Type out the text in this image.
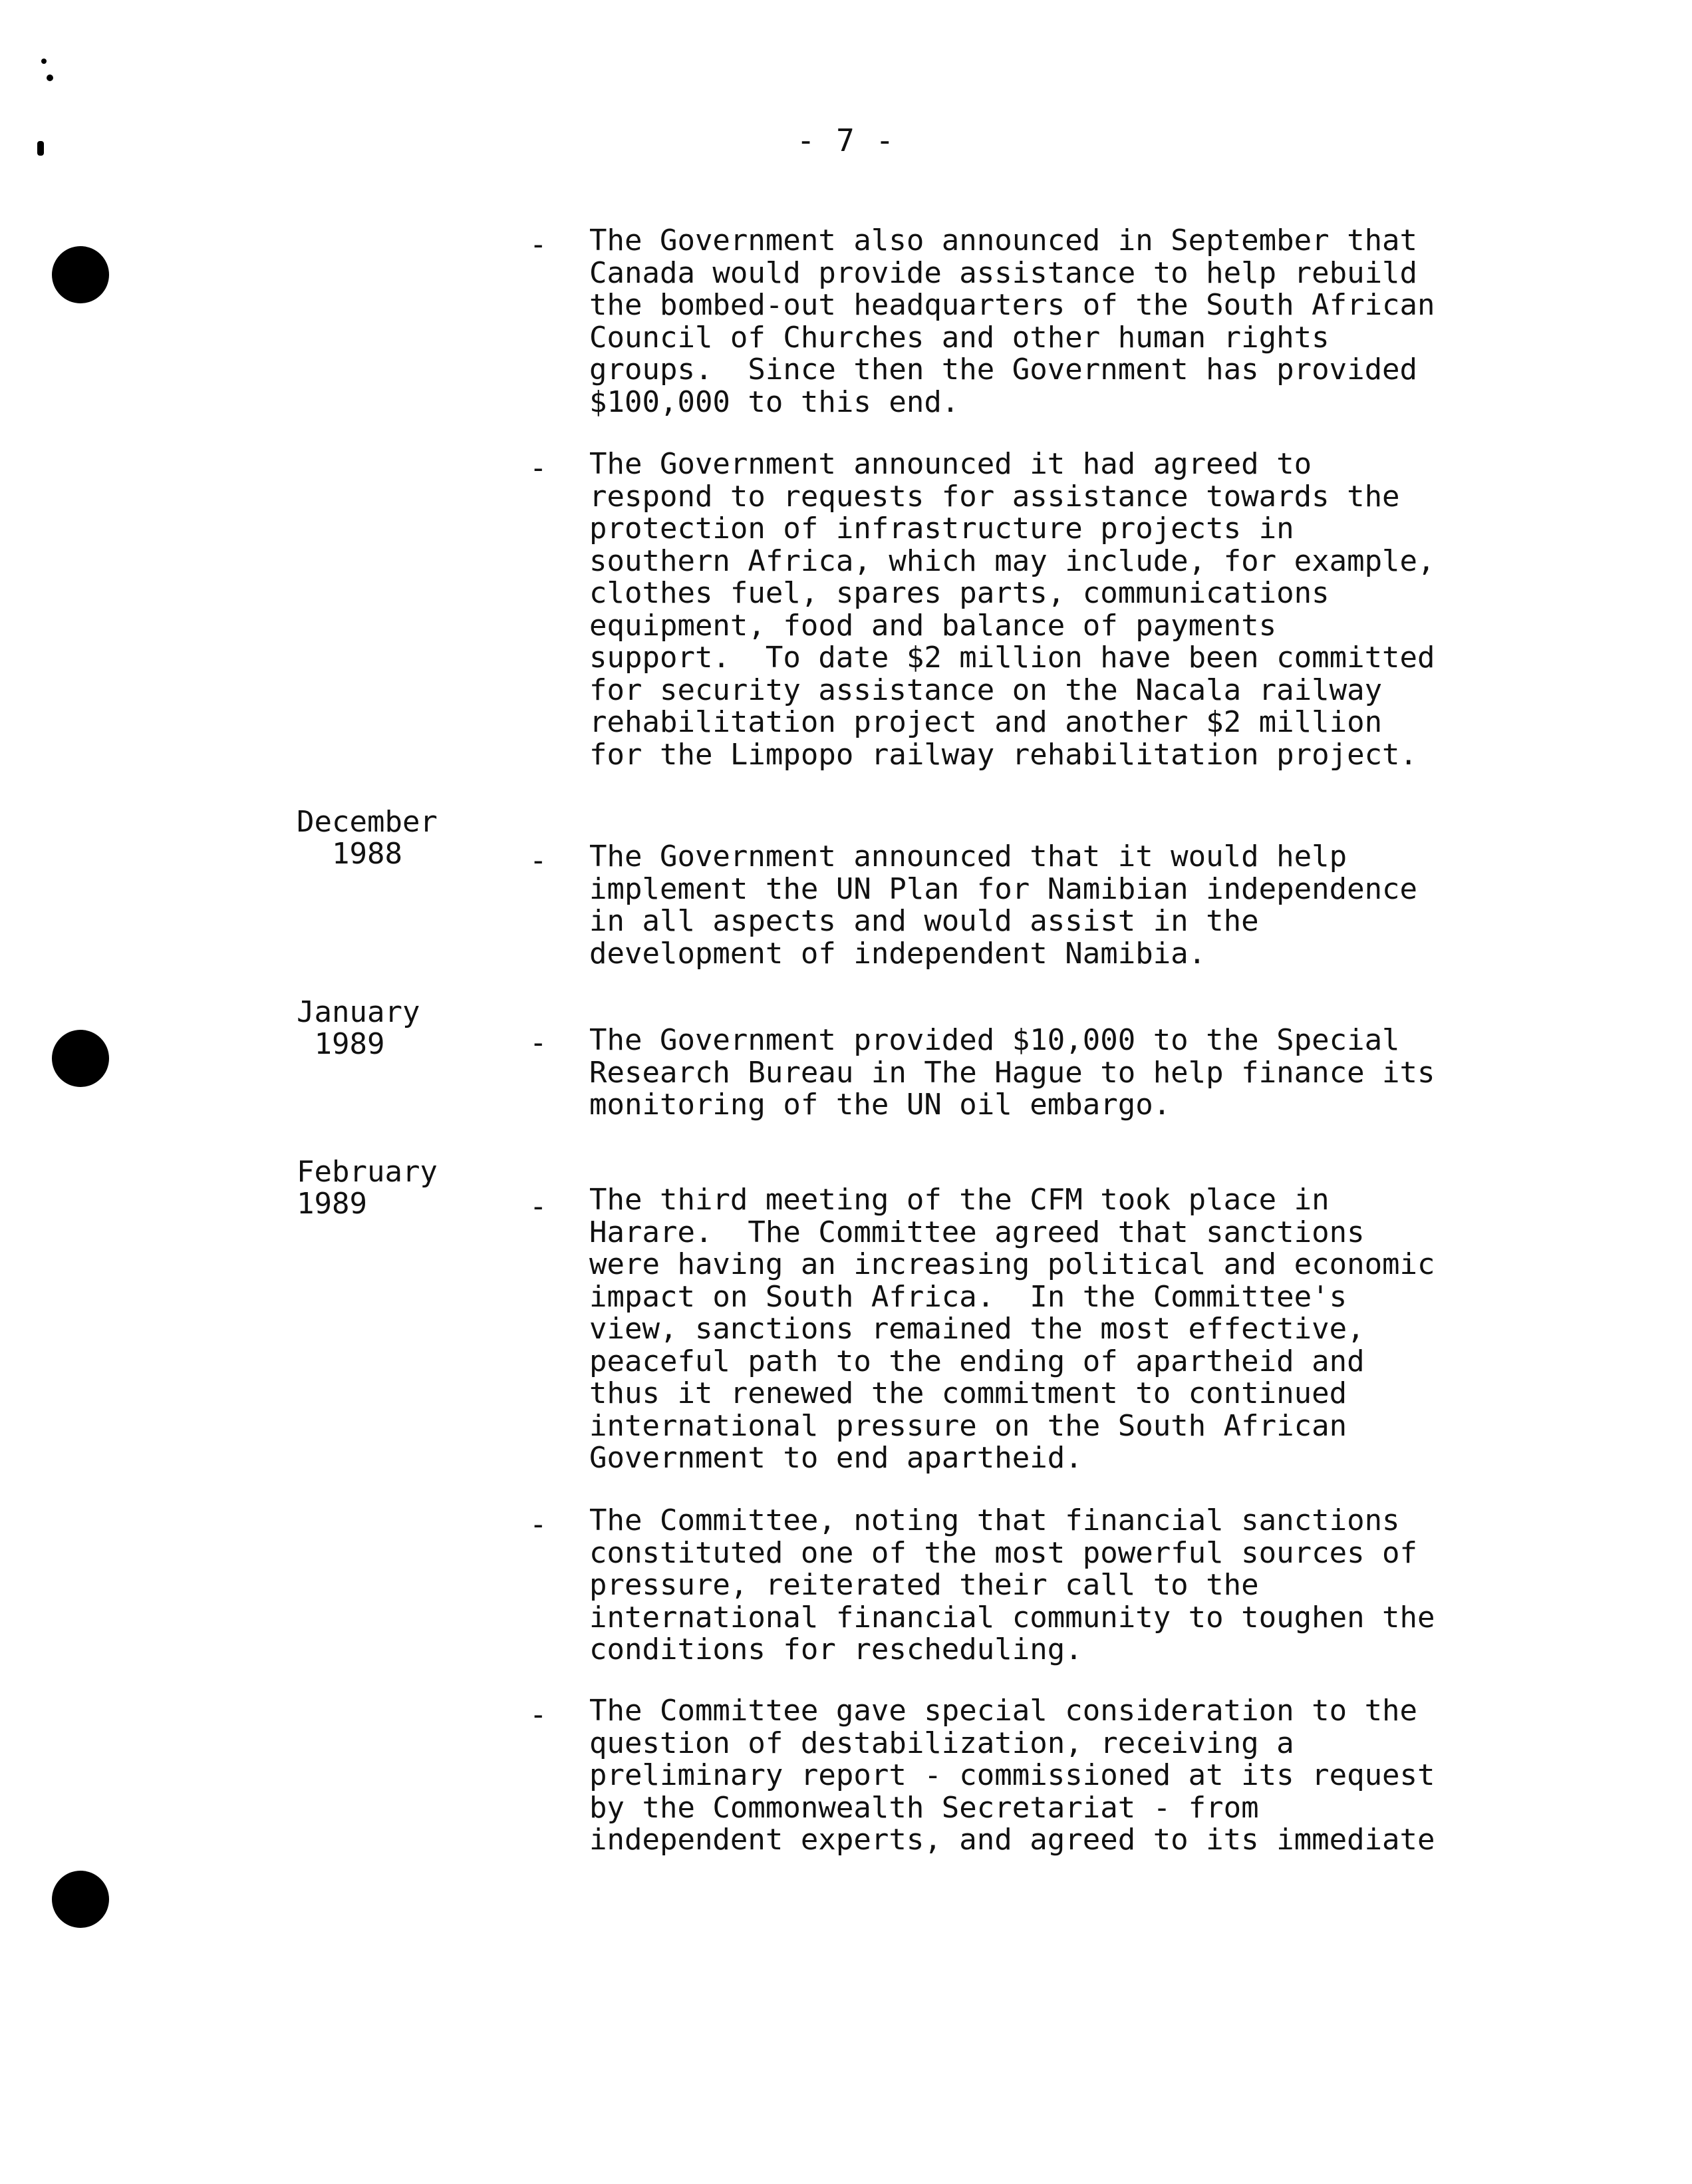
- 7 -
- The Government also announced in September that
Canada would provide assistance to help rebuild
the bombed-out headquarters of the South African
Council of Churches and other human rights
groups.  Since then the Government has provided
$100,000 to this end.
- The Government announced it had agreed to
respond to requests for assistance towards the
protection of infrastructure projects in
southern Africa, which may include, for example,
clothes fuel, spares parts, communications
equipment, food and balance of payments
support.  To date $2 million have been committed
for security assistance on the Nacala railway
rehabilitation project and another $2 million
for the Limpopo railway rehabilitation project.
December
1988	- The Government announced that it would help
implement the UN Plan for Namibian independence
in all aspects and would assist in the
development of independent Namibia.
January
1989	- The Government provided $10,000 to the Special
Research Bureau in The Hague to help finance its
monitoring of the UN oil embargo.
February
1989	- The third meeting of the CFM took place in
Harare.  The Committee agreed that sanctions
were having an increasing political and economic
impact on South Africa.  In the Committee's
view, sanctions remained the most effective,
peaceful path to the ending of apartheid and
thus it renewed the commitment to continued
international pressure on the South African
Government to end apartheid.
- The Committee, noting that financial sanctions
constituted one of the most powerful sources of
pressure, reiterated their call to the
international financial community to toughen the
conditions for rescheduling.
- The Committee gave special consideration to the
question of destabilization, receiving a
preliminary report - commissioned at its request
by the Commonwealth Secretariat - from
independent experts, and agreed to its immediate
